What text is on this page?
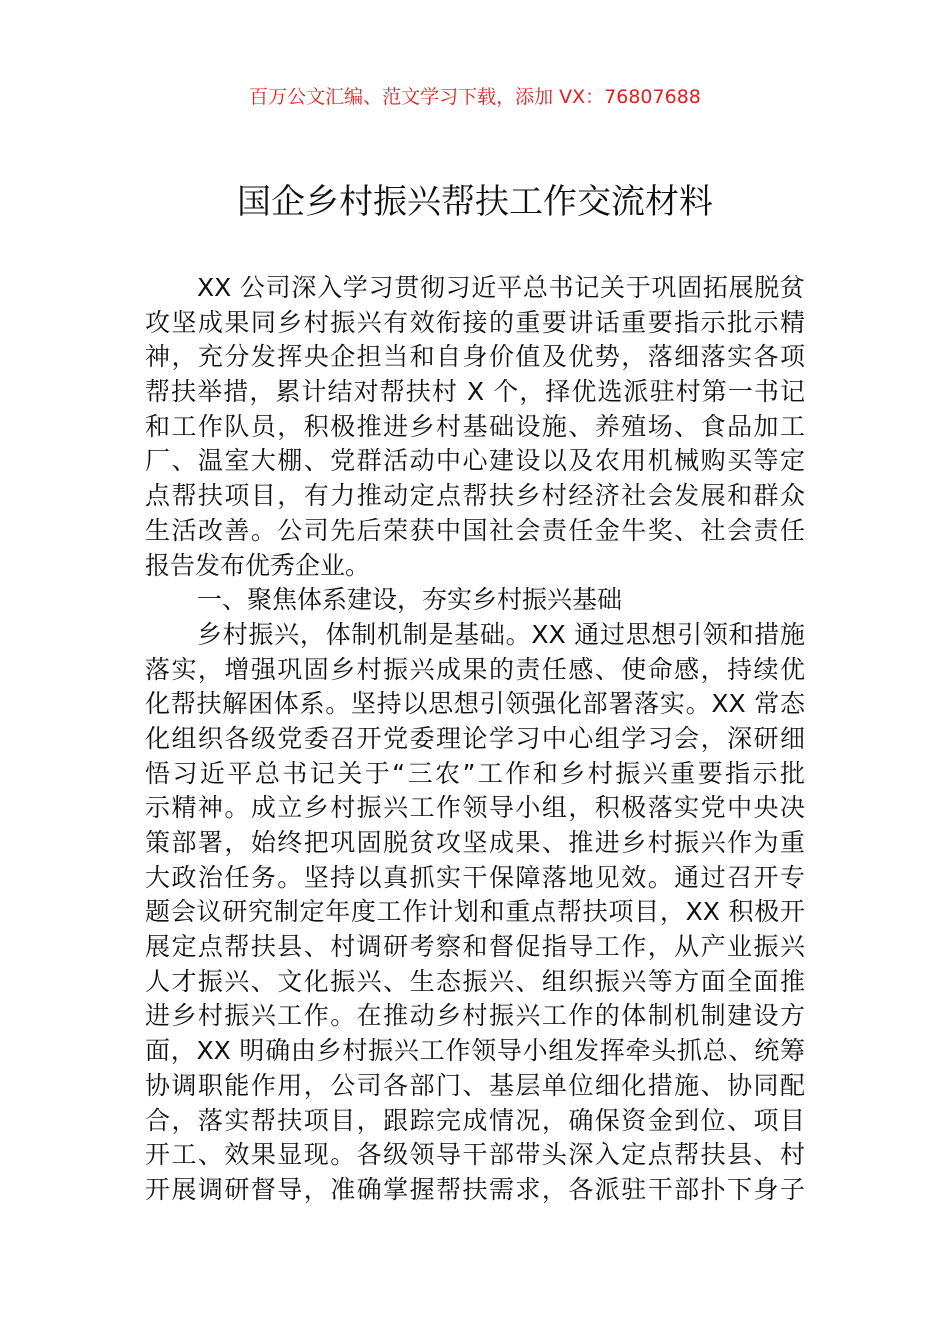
百万公文汇编、范文学习下载，添加 VX：76807688
国企乡村振兴帮扶工作交流材料
XX 公司深入学习贯彻习近平总书记关于巩固拓展脱贫
攻坚成果同乡村振兴有效衔接的重要讲话重要指示批示精
神，充分发挥央企担当和自身价值及优势，落细落实各项
帮扶举措，累计结对帮扶村 X 个，择优选派驻村第一书记
和工作队员，积极推进乡村基础设施、养殖场、食品加工
厂、温室大棚、党群活动中心建设以及农用机械购买等定
点帮扶项目，有力推动定点帮扶乡村经济社会发展和群众
生活改善。公司先后荣获中国社会责任金牛奖、社会责任
报告发布优秀企业。
一、聚焦体系建设，夯实乡村振兴基础
乡村振兴，体制机制是基础。XX 通过思想引领和措施
落实，增强巩固乡村振兴成果的责任感、使命感，持续优
化帮扶解困体系。坚持以思想引领强化部署落实。XX 常态
化组织各级党委召开党委理论学习中心组学习会，深研细
悟习近平总书记关于“三农”工作和乡村振兴重要指示批
示精神。成立乡村振兴工作领导小组，积极落实党中央决
策部署，始终把巩固脱贫攻坚成果、推进乡村振兴作为重
大政治任务。坚持以真抓实干保障落地见效。通过召开专
题会议研究制定年度工作计划和重点帮扶项目，XX 积极开
展定点帮扶县、村调研考察和督促指导工作，从产业振兴
人才振兴、文化振兴、生态振兴、组织振兴等方面全面推
进乡村振兴工作。在推动乡村振兴工作的体制机制建设方
面，XX 明确由乡村振兴工作领导小组发挥牵头抓总、统筹
协调职能作用，公司各部门、基层单位细化措施、协同配
合，落实帮扶项目，跟踪完成情况，确保资金到位、项目
开工、效果显现。各级领导干部带头深入定点帮扶县、村
开展调研督导，准确掌握帮扶需求，各派驻干部扑下身子
